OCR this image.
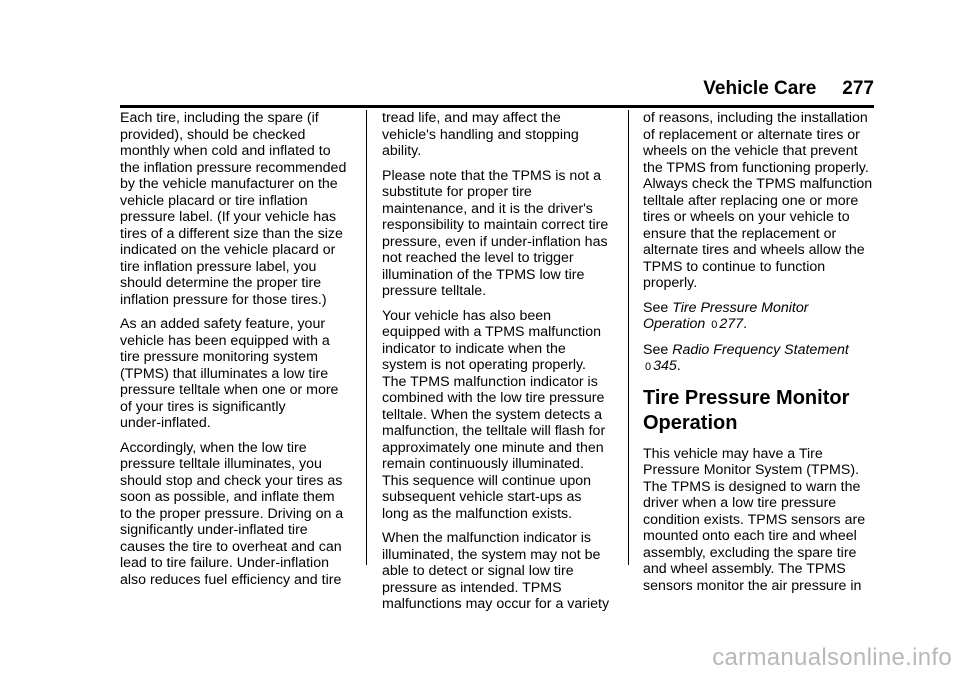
Vehicle Care 277

Each tire, including the spare (if
provided), should be checked
monthly when cold and inflated to
the inflation pressure recommended
by the vehicle manufacturer on the
vehicle placard or tire inflation
pressure label. (If your vehicle has
tires of a different size than the size
indicated on the vehicle placard or
tire inflation pressure label, you
should determine the proper tire
inflation pressure for those tires.)

As an added safety feature, your
vehicle has been equipped with a
tire pressure monitoring system
(TPMS) that illuminates a low tire
pressure telltale when one or more
of your tires is significantly
under-inflated.

Accordingly, when the low tire
pressure telltale illuminates, you
should stop and check your tires as
soon as possible, and inflate them
to the proper pressure. Driving on a
significantly under-inflated tire
causes the tire to overheat and can
lead to tire failure. Under-inflation
also reduces fuel efficiency and tire

tread life, and may affect the
vehicle's handling and stopping
ability.

Please note that the TPMS is not a
substitute for proper tire
maintenance, and it is the driver's
responsibility to maintain correct tire
pressure, even if under-inflation has
not reached the level to trigger
illumination of the TPMS low tire
pressure telltale.

Your vehicle has also been
equipped with a TPMS malfunction
indicator to indicate when the
system is not operating properly.
The TPMS malfunction indicator is
combined with the low tire pressure
telltale. When the system detects a
malfunction, the telltale will flash for
approximately one minute and then
remain continuously illuminated.
This sequence will continue upon
subsequent vehicle start-ups as
long as the malfunction exists.

When the malfunction indicator is
illuminated, the system may not be
able to detect or signal low tire
pressure as intended. TPMS
malfunctions may occur for a variety

of reasons, including the installation
of replacement or alternate tires or
wheels on the vehicle that prevent
the TPMS from functioning properly.
Always check the TPMS malfunction
telltale after replacing one or more
tires or wheels on your vehicle to
ensure that the replacement or
alternate tires and wheels allow the
TPMS to continue to function
properly.

See Tire Pressure Monitor
Operation 0 277.

See Radio Frequency Statement
0 345.

Tire Pressure Monitor
Operation

This vehicle may have a Tire
Pressure Monitor System (TPMS).
The TPMS is designed to warn the
driver when a low tire pressure
condition exists. TPMS sensors are
mounted onto each tire and wheel
assembly, excluding the spare tire
and wheel assembly. The TPMS
sensors monitor the air pressure in

carmanualsonline.info
